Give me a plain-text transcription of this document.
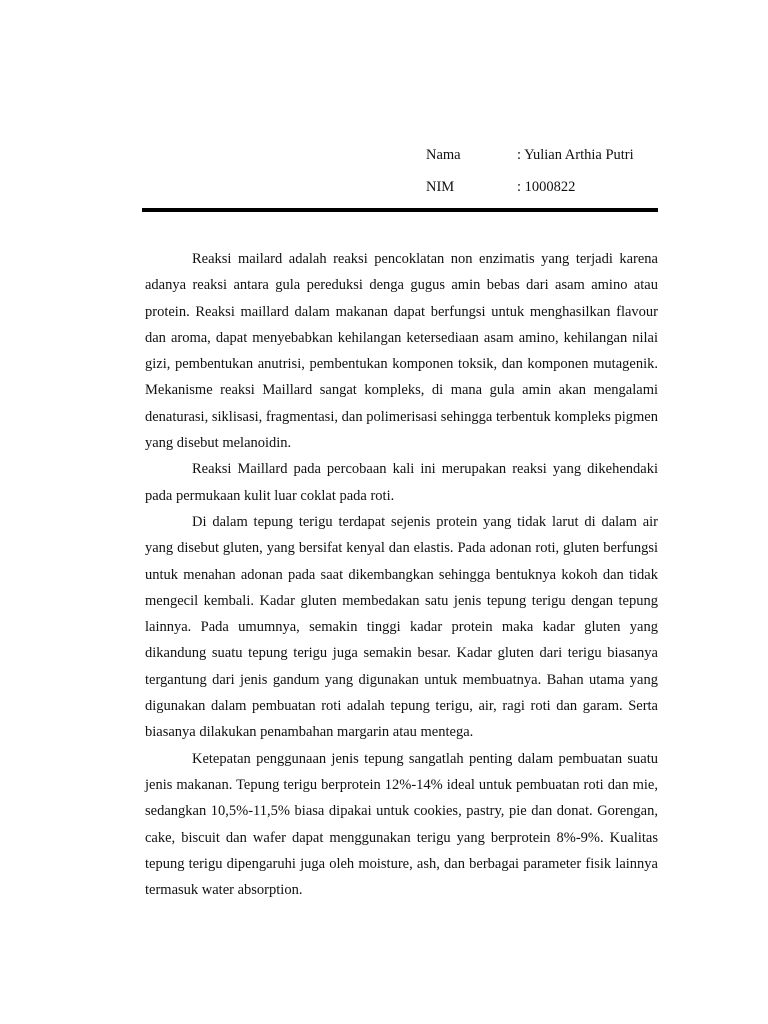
Nama	: Yulian Arthia Putri
NIM	: 1000822

Reaksi mailard adalah reaksi pencoklatan non enzimatis yang terjadi karena adanya reaksi antara gula pereduksi denga gugus amin bebas dari asam amino atau protein. Reaksi maillard dalam makanan dapat berfungsi untuk menghasilkan flavour dan aroma, dapat menyebabkan kehilangan ketersediaan asam amino, kehilangan nilai gizi, pembentukan anutrisi, pembentukan komponen toksik, dan komponen mutagenik. Mekanisme reaksi Maillard sangat kompleks, di mana gula amin akan mengalami denaturasi, siklisasi, fragmentasi, dan polimerisasi sehingga terbentuk kompleks pigmen yang disebut melanoidin.

Reaksi Maillard pada percobaan kali ini merupakan reaksi yang dikehendaki pada permukaan kulit luar coklat pada roti.

Di dalam tepung terigu terdapat sejenis protein yang tidak larut di dalam air yang disebut gluten, yang bersifat kenyal dan elastis. Pada adonan roti, gluten berfungsi untuk menahan adonan pada saat dikembangkan sehingga bentuknya kokoh dan tidak mengecil kembali. Kadar gluten membedakan satu jenis tepung terigu dengan tepung lainnya. Pada umumnya, semakin tinggi kadar protein maka kadar gluten yang dikandung suatu tepung terigu juga semakin besar. Kadar gluten dari terigu biasanya tergantung dari jenis gandum yang digunakan untuk membuatnya. Bahan utama yang digunakan dalam pembuatan roti adalah tepung terigu, air, ragi roti dan garam. Serta biasanya dilakukan penambahan margarin atau mentega.

Ketepatan penggunaan jenis tepung sangatlah penting dalam pembuatan suatu jenis makanan. Tepung terigu berprotein 12%-14% ideal untuk pembuatan roti dan mie, sedangkan 10,5%-11,5% biasa dipakai untuk cookies, pastry, pie dan donat. Gorengan, cake, biscuit dan wafer dapat menggunakan terigu yang berprotein 8%-9%. Kualitas tepung terigu dipengaruhi juga oleh moisture, ash, dan berbagai parameter fisik lainnya termasuk water absorption.
